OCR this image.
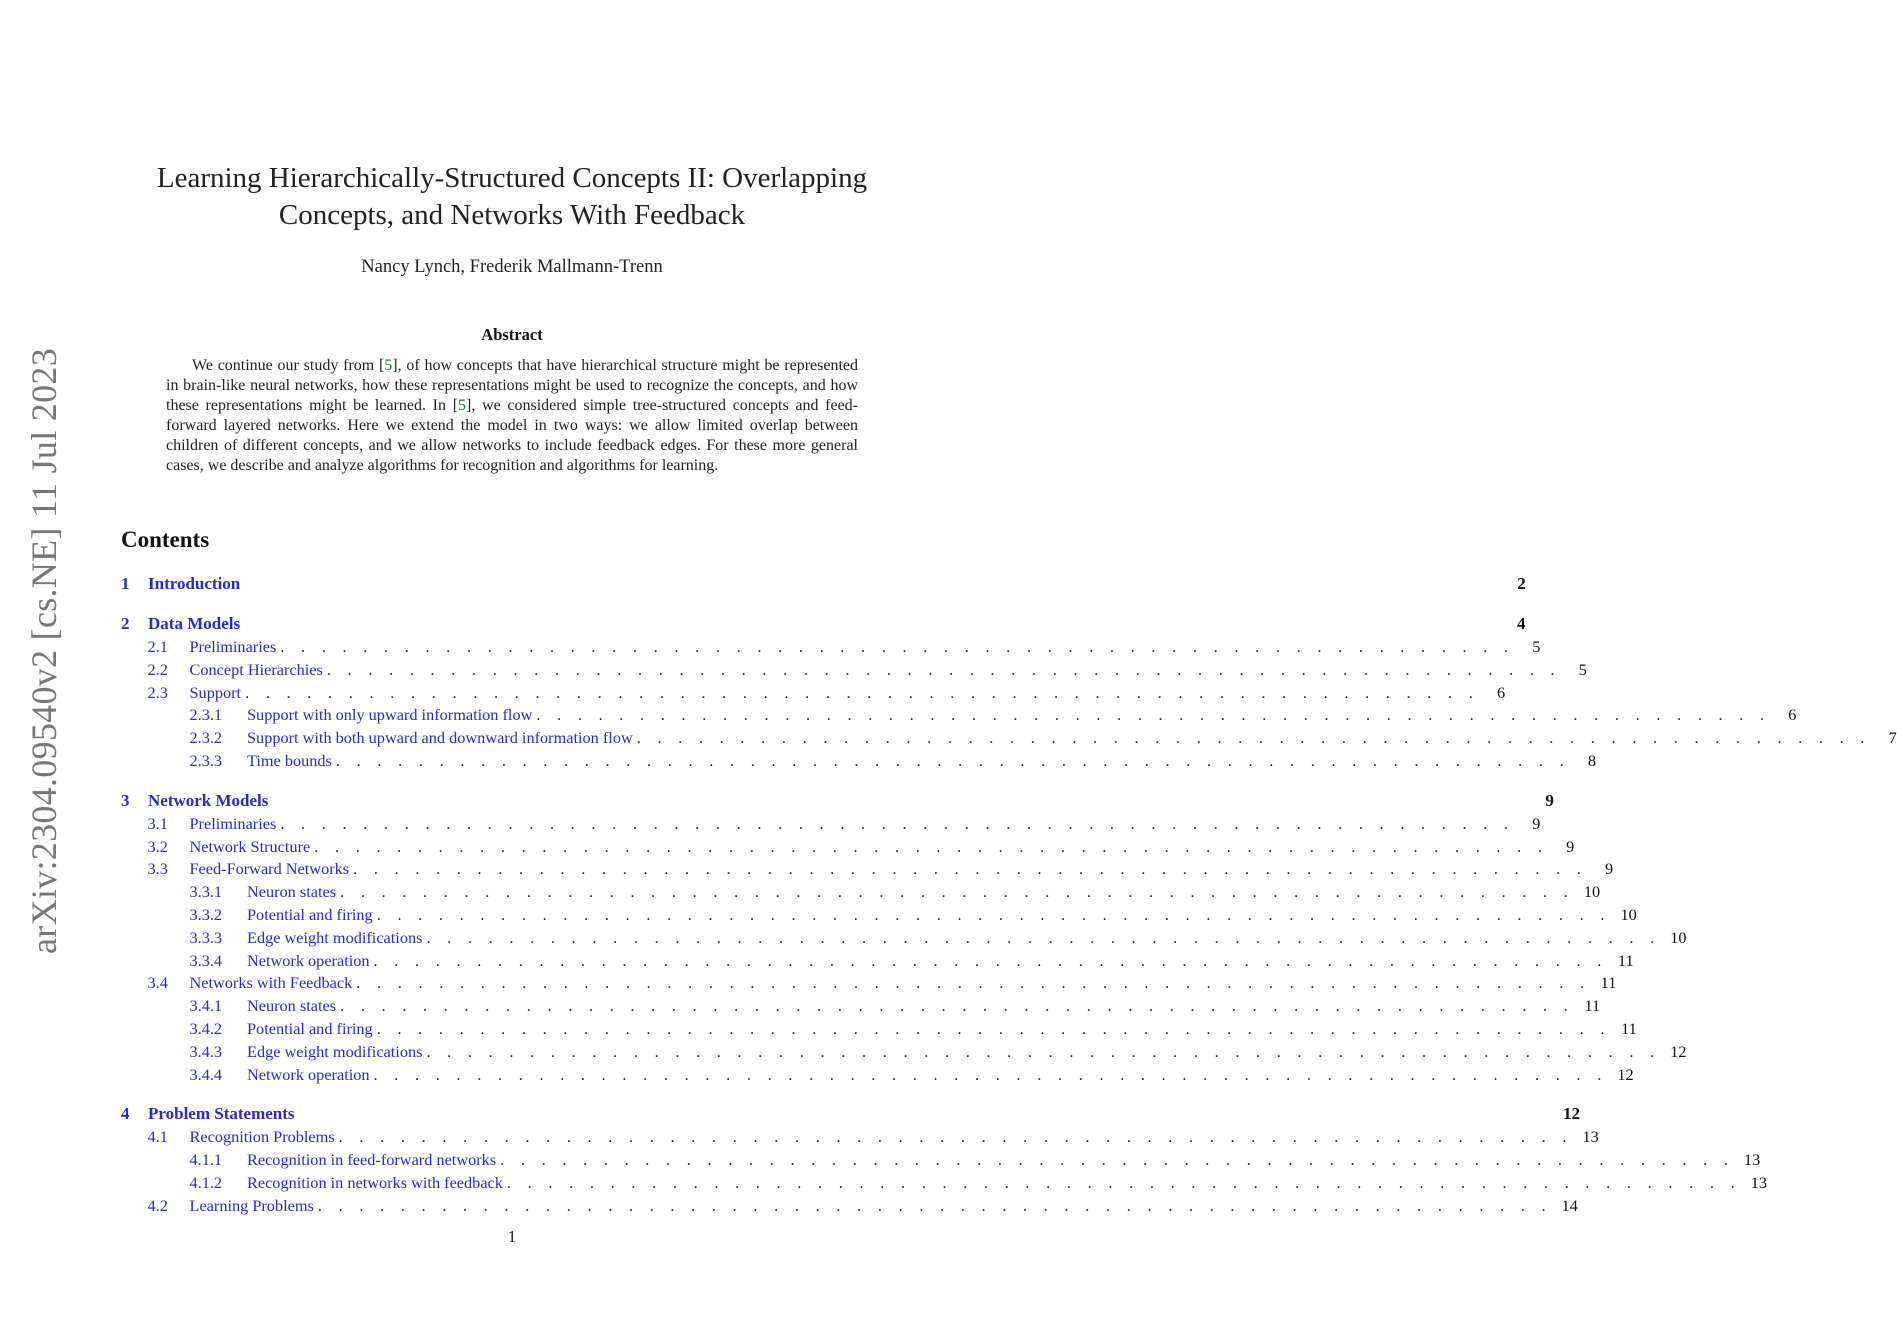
arXiv:2304.09540v2 [cs.NE] 11 Jul 2023
Learning Hierarchically-Structured Concepts II: Overlapping
Concepts, and Networks With Feedback
Nancy Lynch, Frederik Mallmann-Trenn
Abstract
We continue our study from [5], of how concepts that have hierarchical structure might be represented in brain-like neural networks, how these representations might be used to recognize the concepts, and how these representations might be learned. In [5], we considered simple tree-structured concepts and feed-forward layered networks. Here we extend the model in two ways: we allow limited overlap between children of different concepts, and we allow networks to include feedback edges. For these more general cases, we describe and analyze algorithms for recognition and algorithms for learning.
Contents
1	Introduction	2
2	Data Models	4
2.1	Preliminaries . . . . . . . . . . . . . . . . . . . . . . . . . . . . . . . . . . . . . . . . . . . . . . . . . . . . . . . . . . . .	5
2.2	Concept Hierarchies . . . . . . . . . . . . . . . . . . . . . . . . . . . . . . . . . . . . . . . . . . . . . . . . . . . . . . . . . . . .	5
2.3	Support . . . . . . . . . . . . . . . . . . . . . . . . . . . . . . . . . . . . . . . . . . . . . . . . . . . . . . . . . . . .	6
2.3.1	Support with only upward information flow . . . . . . . . . . . . . . . . . . . . . . . . . . . . . . . . . . . . . . . . . . . . . . . . . . . . . . . . . . . .	6
2.3.2	Support with both upward and downward information flow . . . . . . . . . . . . . . . . . . . . . . . . . . . . . . . . . . . . . . . . . . . . . . . . . . . . . . . . . . . .	7
2.3.3	Time bounds . . . . . . . . . . . . . . . . . . . . . . . . . . . . . . . . . . . . . . . . . . . . . . . . . . . . . . . . . . . .	8
3	Network Models	9
3.1	Preliminaries . . . . . . . . . . . . . . . . . . . . . . . . . . . . . . . . . . . . . . . . . . . . . . . . . . . . . . . . . . . .	9
3.2	Network Structure . . . . . . . . . . . . . . . . . . . . . . . . . . . . . . . . . . . . . . . . . . . . . . . . . . . . . . . . . . . .	9
3.3	Feed-Forward Networks . . . . . . . . . . . . . . . . . . . . . . . . . . . . . . . . . . . . . . . . . . . . . . . . . . . . . . . . . . . .	9
3.3.1	Neuron states . . . . . . . . . . . . . . . . . . . . . . . . . . . . . . . . . . . . . . . . . . . . . . . . . . . . . . . . . . . . 10
3.3.2	Potential and firing . . . . . . . . . . . . . . . . . . . . . . . . . . . . . . . . . . . . . . . . . . . . . . . . . . . . . . . . . . . . 10
3.3.3	Edge weight modifications . . . . . . . . . . . . . . . . . . . . . . . . . . . . . . . . . . . . . . . . . . . . . . . . . . . . . . . . . . . . 10
3.3.4	Network operation . . . . . . . . . . . . . . . . . . . . . . . . . . . . . . . . . . . . . . . . . . . . . . . . . . . . . . . . . . . . 11
3.4	Networks with Feedback . . . . . . . . . . . . . . . . . . . . . . . . . . . . . . . . . . . . . . . . . . . . . . . . . . . . . . . . . . . . 11
3.4.1	Neuron states . . . . . . . . . . . . . . . . . . . . . . . . . . . . . . . . . . . . . . . . . . . . . . . . . . . . . . . . . . . . 11
3.4.2	Potential and firing . . . . . . . . . . . . . . . . . . . . . . . . . . . . . . . . . . . . . . . . . . . . . . . . . . . . . . . . . . . . 11
3.4.3	Edge weight modifications . . . . . . . . . . . . . . . . . . . . . . . . . . . . . . . . . . . . . . . . . . . . . . . . . . . . . . . . . . . . 12
3.4.4	Network operation . . . . . . . . . . . . . . . . . . . . . . . . . . . . . . . . . . . . . . . . . . . . . . . . . . . . . . . . . . . . 12
4	Problem Statements	12
4.1	Recognition Problems . . . . . . . . . . . . . . . . . . . . . . . . . . . . . . . . . . . . . . . . . . . . . . . . . . . . . . . . . . . . 13
4.1.1	Recognition in feed-forward networks . . . . . . . . . . . . . . . . . . . . . . . . . . . . . . . . . . . . . . . . . . . . . . . . . . . . . . . . . . . . 13
4.1.2	Recognition in networks with feedback . . . . . . . . . . . . . . . . . . . . . . . . . . . . . . . . . . . . . . . . . . . . . . . . . . . . . . . . . . . . 13
4.2	Learning Problems . . . . . . . . . . . . . . . . . . . . . . . . . . . . . . . . . . . . . . . . . . . . . . . . . . . . . . . . . . . . 14
1
